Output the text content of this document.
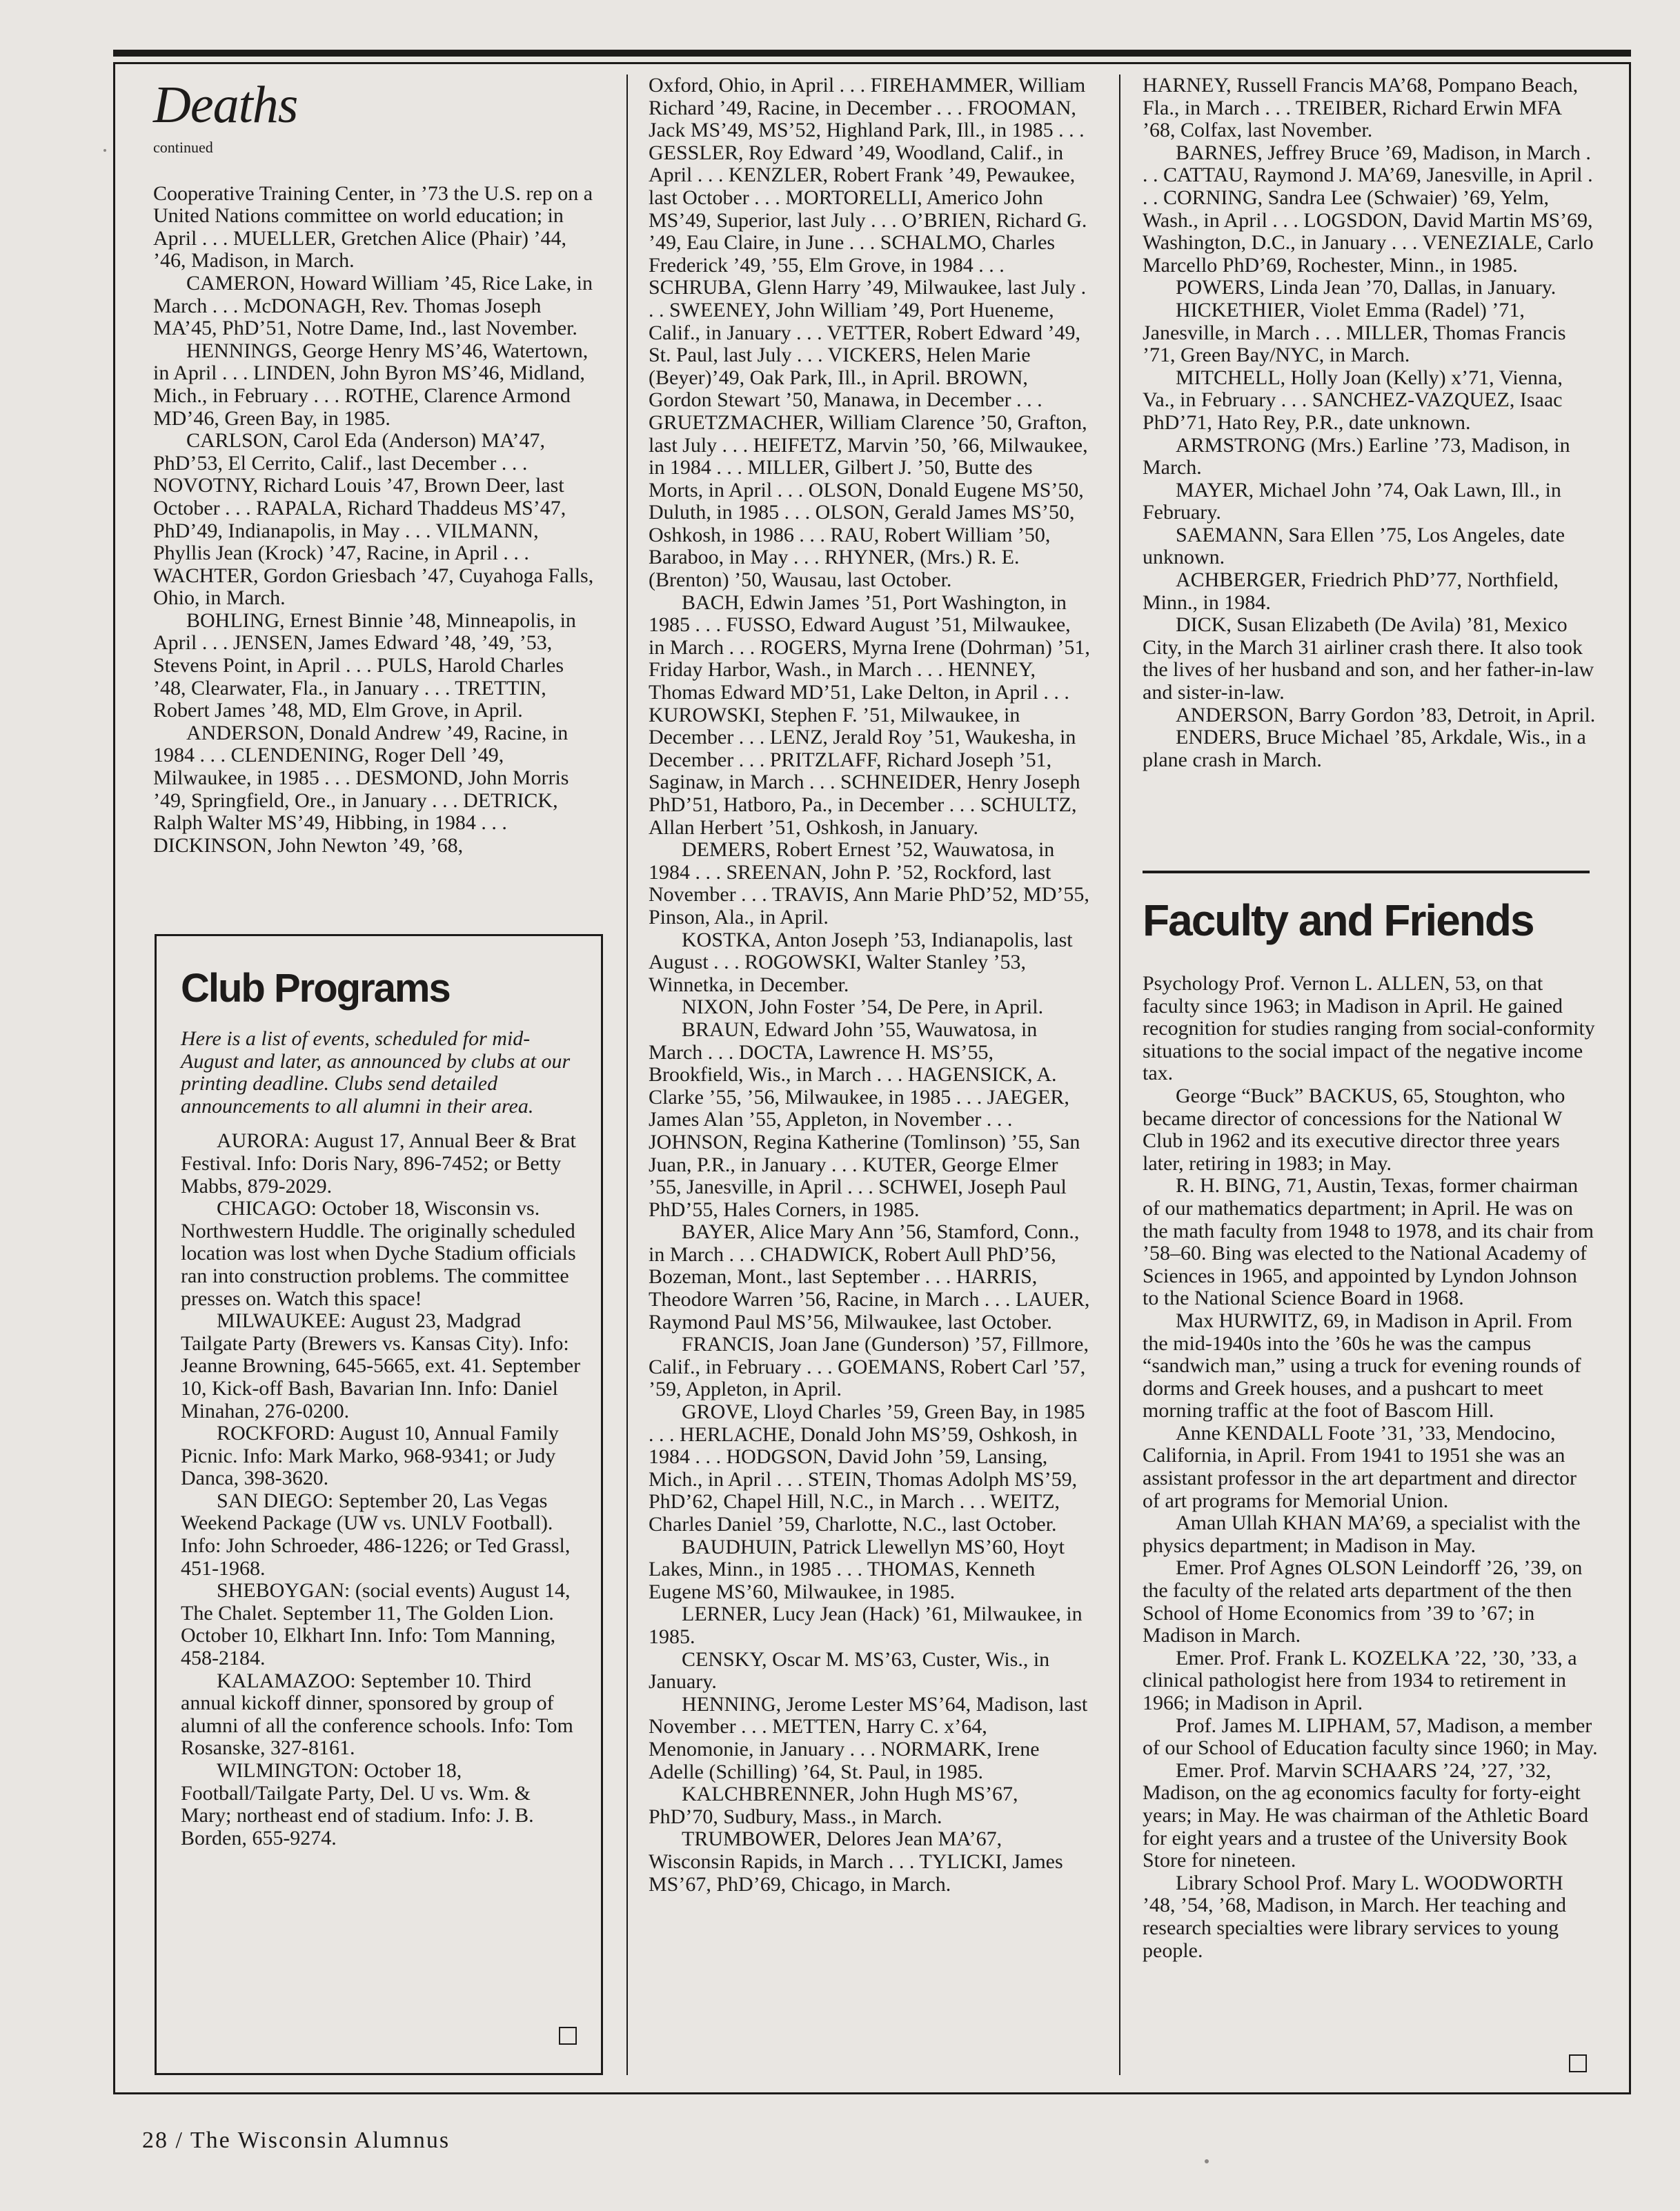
Deaths
continued

Cooperative Training Center, in ’73 the U.S. rep on a United Nations committee on world education; in April . . . MUELLER, Gretchen Alice (Phair) ’44, ’46, Madison, in March.

CAMERON, Howard William ’45, Rice Lake, in March . . . McDONAGH, Rev. Thomas Joseph MA’45, PhD’51, Notre Dame, Ind., last November.

HENNINGS, George Henry MS’46, Watertown, in April . . . LINDEN, John Byron MS’46, Midland, Mich., in February . . . ROTHE, Clarence Armond MD’46, Green Bay, in 1985.

CARLSON, Carol Eda (Anderson) MA’47, PhD’53, El Cerrito, Calif., last December . . . NOVOTNY, Richard Louis ’47, Brown Deer, last October . . . RAPALA, Richard Thaddeus MS’47, PhD’49, Indianapolis, in May . . . VILMANN, Phyllis Jean (Krock) ’47, Racine, in April . . . WACHTER, Gordon Griesbach ’47, Cuyahoga Falls, Ohio, in March.

BOHLING, Ernest Binnie ’48, Minneapolis, in April . . . JENSEN, James Edward ’48, ’49, ’53, Stevens Point, in April . . . PULS, Harold Charles ’48, Clearwater, Fla., in January . . . TRETTIN, Robert James ’48, MD, Elm Grove, in April.

ANDERSON, Donald Andrew ’49, Racine, in 1984 . . . CLENDENING, Roger Dell ’49, Milwaukee, in 1985 . . . DESMOND, John Morris ’49, Springfield, Ore., in January . . . DETRICK, Ralph Walter MS’49, Hibbing, in 1984 . . . DICKINSON, John Newton ’49, ’68,

Club Programs

Here is a list of events, scheduled for mid-August and later, as announced by clubs at our printing deadline. Clubs send detailed announcements to all alumni in their area.

AURORA: August 17, Annual Beer & Brat Festival. Info: Doris Nary, 896-7452; or Betty Mabbs, 879-2029.

CHICAGO: October 18, Wisconsin vs. Northwestern Huddle. The originally scheduled location was lost when Dyche Stadium officials ran into construction problems. The committee presses on. Watch this space!

MILWAUKEE: August 23, Madgrad Tailgate Party (Brewers vs. Kansas City). Info: Jeanne Browning, 645-5665, ext. 41. September 10, Kick-off Bash, Bavarian Inn. Info: Daniel Minahan, 276-0200.

ROCKFORD: August 10, Annual Family Picnic. Info: Mark Marko, 968-9341; or Judy Danca, 398-3620.

SAN DIEGO: September 20, Las Vegas Weekend Package (UW vs. UNLV Football). Info: John Schroeder, 486-1226; or Ted Grassl, 451-1968.

SHEBOYGAN: (social events) August 14, The Chalet. September 11, The Golden Lion. October 10, Elkhart Inn. Info: Tom Manning, 458-2184.

KALAMAZOO: September 10. Third annual kickoff dinner, sponsored by group of alumni of all the conference schools. Info: Tom Rosanske, 327-8161.

WILMINGTON: October 18, Football/Tailgate Party, Del. U vs. Wm. & Mary; northeast end of stadium. Info: J. B. Borden, 655-9274.

Oxford, Ohio, in April . . . FIREHAMMER, William Richard ’49, Racine, in December . . . FROOMAN, Jack MS’49, MS’52, Highland Park, Ill., in 1985 . . . GESSLER, Roy Edward ’49, Woodland, Calif., in April . . . KENZLER, Robert Frank ’49, Pewaukee, last October . . . MORTORELLI, Americo John MS’49, Superior, last July . . . O’BRIEN, Richard G. ’49, Eau Claire, in June . . . SCHALMO, Charles Frederick ’49, ’55, Elm Grove, in 1984 . . . SCHRUBA, Glenn Harry ’49, Milwaukee, last July . . . SWEENEY, John William ’49, Port Hueneme, Calif., in January . . . VETTER, Robert Edward ’49, St. Paul, last July . . . VICKERS, Helen Marie (Beyer)’49, Oak Park, Ill., in April. BROWN, Gordon Stewart ’50, Manawa, in December . . . GRUETZMACHER, William Clarence ’50, Grafton, last July . . . HEIFETZ, Marvin ’50, ’66, Milwaukee, in 1984 . . . MILLER, Gilbert J. ’50, Butte des Morts, in April . . . OLSON, Donald Eugene MS’50, Duluth, in 1985 . . . OLSON, Gerald James MS’50, Oshkosh, in 1986 . . . RAU, Robert William ’50, Baraboo, in May . . . RHYNER, (Mrs.) R. E. (Brenton) ’50, Wausau, last October.

BACH, Edwin James ’51, Port Washington, in 1985 . . . FUSSO, Edward August ’51, Milwaukee, in March . . . ROGERS, Myrna Irene (Dohrman) ’51, Friday Harbor, Wash., in March . . . HENNEY, Thomas Edward MD’51, Lake Delton, in April . . . KUROWSKI, Stephen F. ’51, Milwaukee, in December . . . LENZ, Jerald Roy ’51, Waukesha, in December . . . PRITZLAFF, Richard Joseph ’51, Saginaw, in March . . . SCHNEIDER, Henry Joseph PhD’51, Hatboro, Pa., in December . . . SCHULTZ, Allan Herbert ’51, Oshkosh, in January.

DEMERS, Robert Ernest ’52, Wauwatosa, in 1984 . . . SREENAN, John P. ’52, Rockford, last November . . . TRAVIS, Ann Marie PhD’52, MD’55, Pinson, Ala., in April.

KOSTKA, Anton Joseph ’53, Indianapolis, last August . . . ROGOWSKI, Walter Stanley ’53, Winnetka, in December.

NIXON, John Foster ’54, De Pere, in April.

BRAUN, Edward John ’55, Wauwatosa, in March . . . DOCTA, Lawrence H. MS’55, Brookfield, Wis., in March . . . HAGENSICK, A. Clarke ’55, ’56, Milwaukee, in 1985 . . . JAEGER, James Alan ’55, Appleton, in November . . . JOHNSON, Regina Katherine (Tomlinson) ’55, San Juan, P.R., in January . . . KUTER, George Elmer ’55, Janesville, in April . . . SCHWEI, Joseph Paul PhD’55, Hales Corners, in 1985.

BAYER, Alice Mary Ann ’56, Stamford, Conn., in March . . . CHADWICK, Robert Aull PhD’56, Bozeman, Mont., last September . . . HARRIS, Theodore Warren ’56, Racine, in March . . . LAUER, Raymond Paul MS’56, Milwaukee, last October.

FRANCIS, Joan Jane (Gunderson) ’57, Fillmore, Calif., in February . . . GOEMANS, Robert Carl ’57, ’59, Appleton, in April.

GROVE, Lloyd Charles ’59, Green Bay, in 1985 . . . HERLACHE, Donald John MS’59, Oshkosh, in 1984 . . . HODGSON, David John ’59, Lansing, Mich., in April . . . STEIN, Thomas Adolph MS’59, PhD’62, Chapel Hill, N.C., in March . . . WEITZ, Charles Daniel ’59, Charlotte, N.C., last October.

BAUDHUIN, Patrick Llewellyn MS’60, Hoyt Lakes, Minn., in 1985 . . . THOMAS, Kenneth Eugene MS’60, Milwaukee, in 1985.

LERNER, Lucy Jean (Hack) ’61, Milwaukee, in 1985.

CENSKY, Oscar M. MS’63, Custer, Wis., in January.

HENNING, Jerome Lester MS’64, Madison, last November . . . METTEN, Harry C. x’64, Menomonie, in January . . . NORMARK, Irene Adelle (Schilling) ’64, St. Paul, in 1985.

KALCHBRENNER, John Hugh MS’67, PhD’70, Sudbury, Mass., in March.

TRUMBOWER, Delores Jean MA’67, Wisconsin Rapids, in March . . . TYLICKI, James MS’67, PhD’69, Chicago, in March.

HARNEY, Russell Francis MA’68, Pompano Beach, Fla., in March . . . TREIBER, Richard Erwin MFA ’68, Colfax, last November.

BARNES, Jeffrey Bruce ’69, Madison, in March . . . CATTAU, Raymond J. MA’69, Janesville, in April . . . CORNING, Sandra Lee (Schwaier) ’69, Yelm, Wash., in April . . . LOGSDON, David Martin MS’69, Washington, D.C., in January . . . VENEZIALE, Carlo Marcello PhD’69, Rochester, Minn., in 1985.

POWERS, Linda Jean ’70, Dallas, in January.

HICKETHIER, Violet Emma (Radel) ’71, Janesville, in March . . . MILLER, Thomas Francis ’71, Green Bay/NYC, in March.

MITCHELL, Holly Joan (Kelly) x’71, Vienna, Va., in February . . . SANCHEZ-VAZQUEZ, Isaac PhD’71, Hato Rey, P.R., date unknown.

ARMSTRONG (Mrs.) Earline ’73, Madison, in March.

MAYER, Michael John ’74, Oak Lawn, Ill., in February.

SAEMANN, Sara Ellen ’75, Los Angeles, date unknown.

ACHBERGER, Friedrich PhD’77, Northfield, Minn., in 1984.

DICK, Susan Elizabeth (De Avila) ’81, Mexico City, in the March 31 airliner crash there. It also took the lives of her husband and son, and her father-in-law and sister-in-law.

ANDERSON, Barry Gordon ’83, Detroit, in April.

ENDERS, Bruce Michael ’85, Arkdale, Wis., in a plane crash in March.

Faculty and Friends

Psychology Prof. Vernon L. ALLEN, 53, on that faculty since 1963; in Madison in April. He gained recognition for studies ranging from social-conformity situations to the social impact of the negative income tax.

George “Buck” BACKUS, 65, Stoughton, who became director of concessions for the National W Club in 1962 and its executive director three years later, retiring in 1983; in May.

R. H. BING, 71, Austin, Texas, former chairman of our mathematics department; in April. He was on the math faculty from 1948 to 1978, and its chair from ’58–60. Bing was elected to the National Academy of Sciences in 1965, and appointed by Lyndon Johnson to the National Science Board in 1968.

Max HURWITZ, 69, in Madison in April. From the mid-1940s into the ’60s he was the campus “sandwich man,” using a truck for evening rounds of dorms and Greek houses, and a pushcart to meet morning traffic at the foot of Bascom Hill.

Anne KENDALL Foote ’31, ’33, Mendocino, California, in April. From 1941 to 1951 she was an assistant professor in the art department and director of art programs for Memorial Union.

Aman Ullah KHAN MA’69, a specialist with the physics department; in Madison in May.

Emer. Prof Agnes OLSON Leindorff ’26, ’39, on the faculty of the related arts department of the then School of Home Economics from ’39 to ’67; in Madison in March.

Emer. Prof. Frank L. KOZELKA ’22, ’30, ’33, a clinical pathologist here from 1934 to retirement in 1966; in Madison in April.

Prof. James M. LIPHAM, 57, Madison, a member of our School of Education faculty since 1960; in May.

Emer. Prof. Marvin SCHAARS ’24, ’27, ’32, Madison, on the ag economics faculty for forty-eight years; in May. He was chairman of the Athletic Board for eight years and a trustee of the University Book Store for nineteen.

Library School Prof. Mary L. WOODWORTH ’48, ’54, ’68, Madison, in March. Her teaching and research specialties were library services to young people.

28 / The Wisconsin Alumnus
